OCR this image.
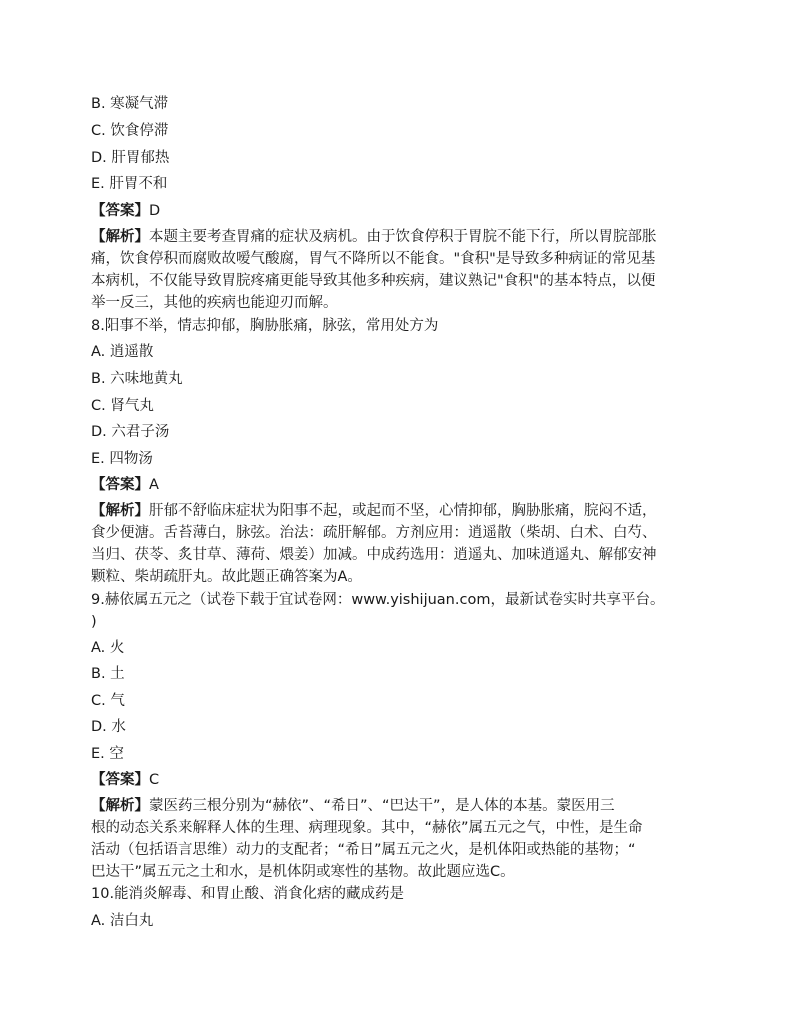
B. 寒凝气滞
C. 饮食停滞
D. 肝胃郁热
E. 肝胃不和
【答案】D
【解析】本题主要考查胃痛的症状及病机。由于饮食停积于胃脘不能下行，所以胃脘部胀
痛，饮食停积而腐败故嗳气酸腐，胃气不降所以不能食。"食积"是导致多种病证的常见基
本病机，不仅能导致胃脘疼痛更能导致其他多种疾病，建议熟记"食积"的基本特点，以便
举一反三，其他的疾病也能迎刃而解。
8.阳事不举，情志抑郁，胸胁胀痛，脉弦，常用处方为
A. 逍遥散
B. 六味地黄丸
C. 肾气丸
D. 六君子汤
E. 四物汤
【答案】A
【解析】肝郁不舒临床症状为阳事不起，或起而不坚，心情抑郁，胸胁胀痛，脘闷不适，
食少便溏。舌苔薄白，脉弦。治法：疏肝解郁。方剂应用：逍遥散（柴胡、白术、白芍、
当归、茯苓、炙甘草、薄荷、煨姜）加减。中成药选用：逍遥丸、加味逍遥丸、解郁安神
颗粒、柴胡疏肝丸。故此题正确答案为A。
9.赫依属五元之（试卷下载于宜试卷网：www.yishijuan.com，最新试卷实时共享平台。
)
A. 火
B. 土
C. 气
D. 水
E. 空
【答案】C
【解析】蒙医药三根分别为“赫依”、“希日”、“巴达干”，是人体的本基。蒙医用三
根的动态关系来解释人体的生理、病理现象。其中，“赫依”属五元之气，中性，是生命
活动（包括语言思维）动力的支配者；“希日”属五元之火，是机体阳或热能的基物；“
巴达干”属五元之土和水，是机体阴或寒性的基物。故此题应选C。
10.能消炎解毒、和胃止酸、消食化痞的藏成药是
A. 洁白丸
